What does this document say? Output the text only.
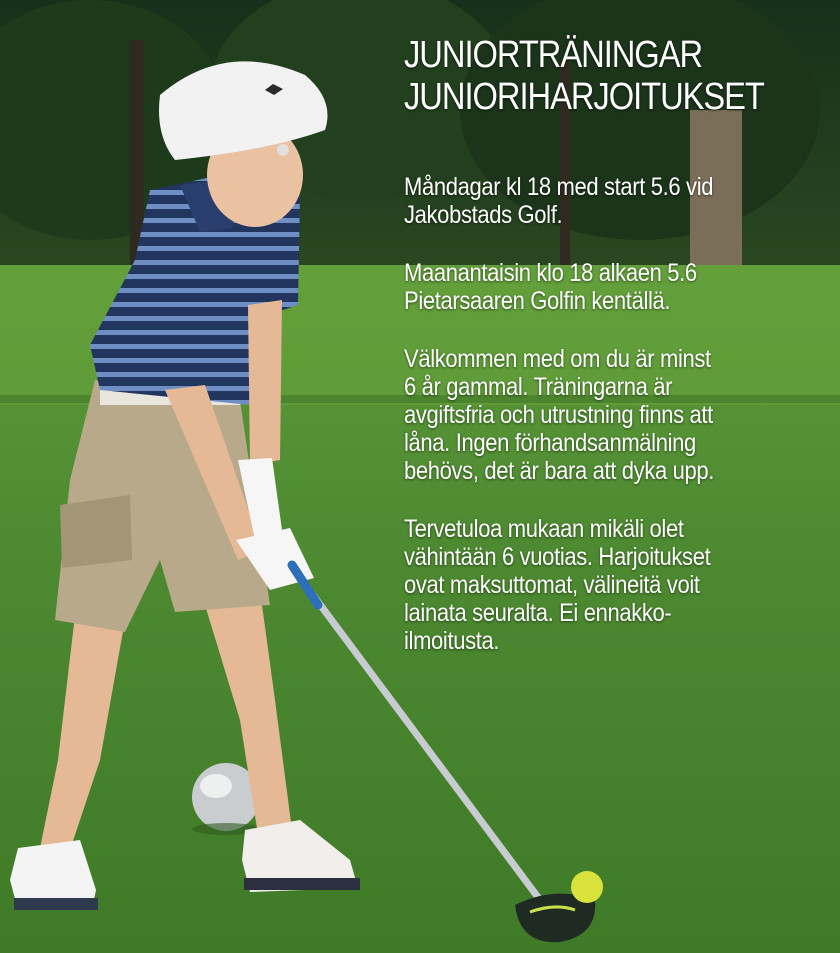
JUNIORTRÄNINGAR
JUNIORIHARJOITUKSET

Måndagar kl 18 med start 5.6 vid
Jakobstads Golf.

Maanantaisin klo 18 alkaen 5.6
Pietarsaaren Golfin kentällä.

Välkommen med om du är minst
6 år gammal. Träningarna är
avgiftsfria och utrustning finns att
låna. Ingen förhandsanmälning
behövs, det är bara att dyka upp.

Tervetuloa mukaan mikäli olet
vähintään 6 vuotias. Harjoitukset
ovat maksuttomat, välineitä voit
lainata seuralta. Ei ennakko-
ilmoitusta.
